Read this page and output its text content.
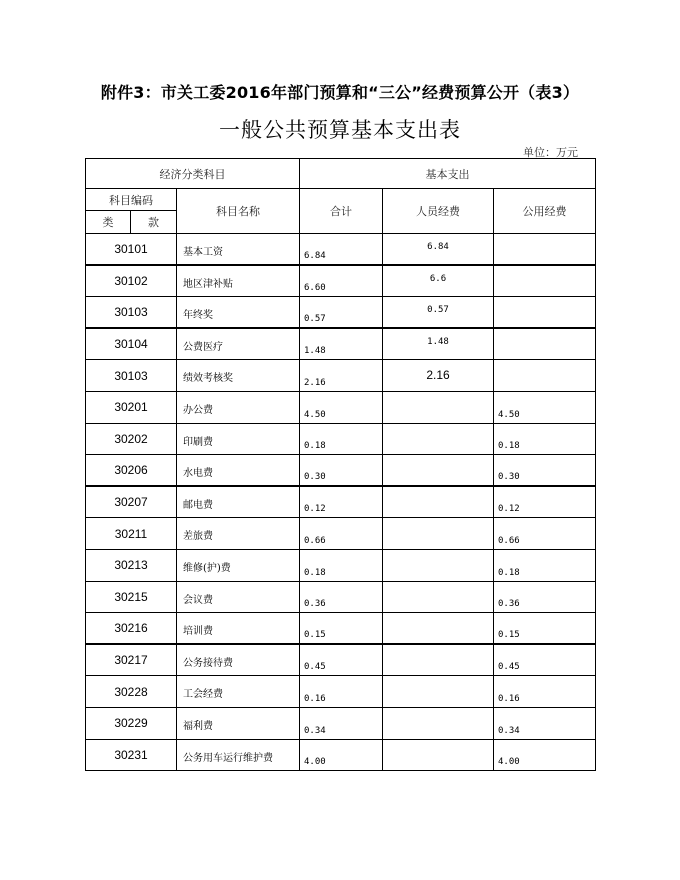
附件3：市关工委2016年部门预算和“三公”经费预算公开（表3）
一般公共预算基本支出表
单位：万元
经济分类科目			基本支出		
科目编码		科目名称	合计	人员经费	公用经费
类	款				
30101		基本工资	6.84	6.84	
30102		地区津补贴	6.60	6.6	
30103		年终奖	0.57	0.57	
30104		公费医疗	1.48	1.48	
30103		绩效考核奖	2.16	2.16	
30201		办公费	4.50		4.50
30202		印刷费	0.18		0.18
30206		水电费	0.30		0.30
30207		邮电费	0.12		0.12
30211		差旅费	0.66		0.66
30213		维修(护)费	0.18		0.18
30215		会议费	0.36		0.36
30216		培训费	0.15		0.15
30217		公务接待费	0.45		0.45
30228		工会经费	0.16		0.16
30229		福利费	0.34		0.34
30231		公务用车运行维护费	4.00		4.00
